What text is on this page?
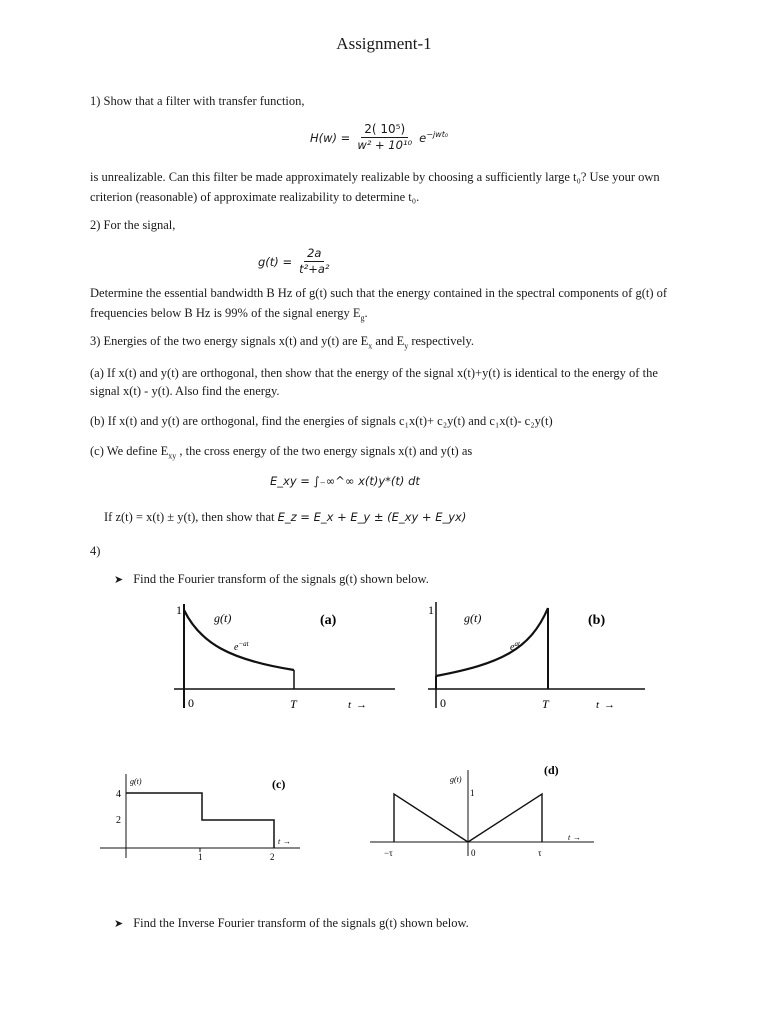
Assignment-1
1) Show that a filter with transfer function,
$H(w) = \frac{\text{2( 10⁵)}}{\text{w² + 10¹⁰}} e^{-jwt_0}$
is unrealizable. Can this filter be made approximately realizable by choosing a sufficiently large t₀? Use your own
criterion (reasonable) of approximate realizability to determine t₀.
2) For the signal,
$g(t) = \frac{2a}{\text{t²+a²}}$
Determine the essential bandwidth B Hz of g(t) such that the energy contained in the spectral components of g(t) of
frequencies below B Hz is 99% of the signal energy $E_g$.
3) Energies of the two energy signals x(t) and y(t) are $E_x$ and $E_y$ respectively.
(a) If x(t) and y(t) are orthogonal, then show that the energy of the signal x(t)+y(t) is identical to the energy of the
signal x(t) - y(t). Also find the energy.
(b) If x(t) and y(t) are orthogonal, find the energies of signals c₁x(t)+ c₂y(t) and c₁x(t)- c₂y(t)
(c) We define $E_{xy}$ , the cross energy of the two energy signals x(t) and y(t) as
E_xy = ∫₋∞^∞ x(t)y*(t) dt
If z(t) = x(t) ± y(t), then show that E_z = E_x + E_y ± (E_xy + E_yx)
4)
➤ Find the Fourier transform of the signals g(t) shown below.
1
g(t)	(a)
$e^{-at}$
0	T	t →
1
g(t)	(b)
$e^{at}$
0	T	t →
4
2
g(t)	(c)
1	2
t →
g(t)
1
(d)
−τ	0	τ
t →
➤ Find the Inverse Fourier transform of the signals g(t) shown below.
